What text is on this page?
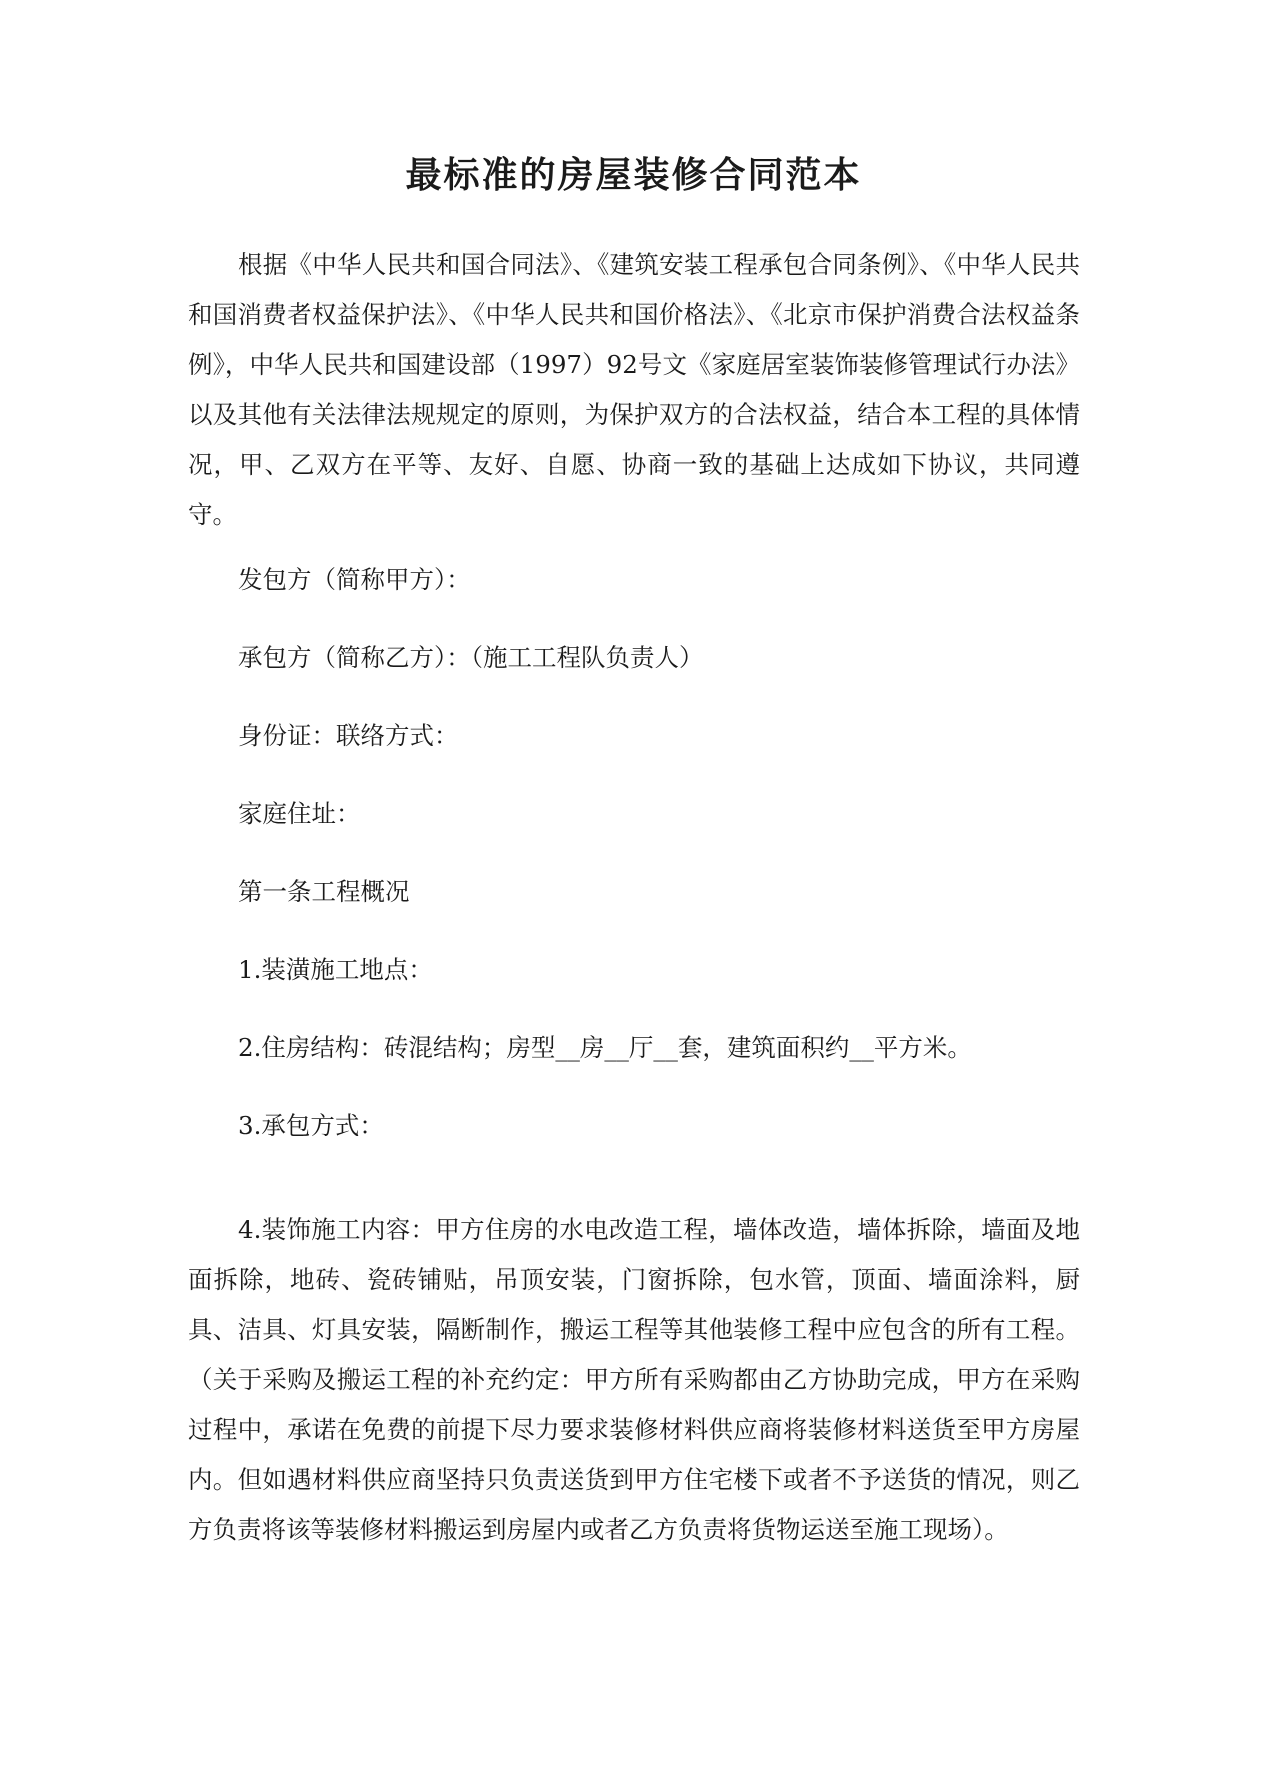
最标准的房屋装修合同范本

根据《中华人民共和国合同法》、《建筑安装工程承包合同条例》、《中华人民共和国消费者权益保护法》、《中华人民共和国价格法》、《北京市保护消费合法权益条例》，中华人民共和国建设部（1997）92号文《家庭居室装饰装修管理试行办法》以及其他有关法律法规规定的原则，为保护双方的合法权益，结合本工程的具体情况，甲、乙双方在平等、友好、自愿、协商一致的基础上达成如下协议，共同遵守。

发包方（简称甲方）：

承包方（简称乙方）：（施工工程队负责人）

身份证：联络方式：

家庭住址：

第一条工程概况

1.装潢施工地点：

2.住房结构：砖混结构；房型__房__厅__套，建筑面积约__平方米。

3.承包方式：

4.装饰施工内容：甲方住房的水电改造工程，墙体改造，墙体拆除，墙面及地面拆除，地砖、瓷砖铺贴，吊顶安装，门窗拆除，包水管，顶面、墙面涂料，厨具、洁具、灯具安装，隔断制作，搬运工程等其他装修工程中应包含的所有工程。（关于采购及搬运工程的补充约定：甲方所有采购都由乙方协助完成，甲方在采购过程中，承诺在免费的前提下尽力要求装修材料供应商将装修材料送货至甲方房屋内。但如遇材料供应商坚持只负责送货到甲方住宅楼下或者不予送货的情况，则乙方负责将该等装修材料搬运到房屋内或者乙方负责将货物运送至施工现场）。
